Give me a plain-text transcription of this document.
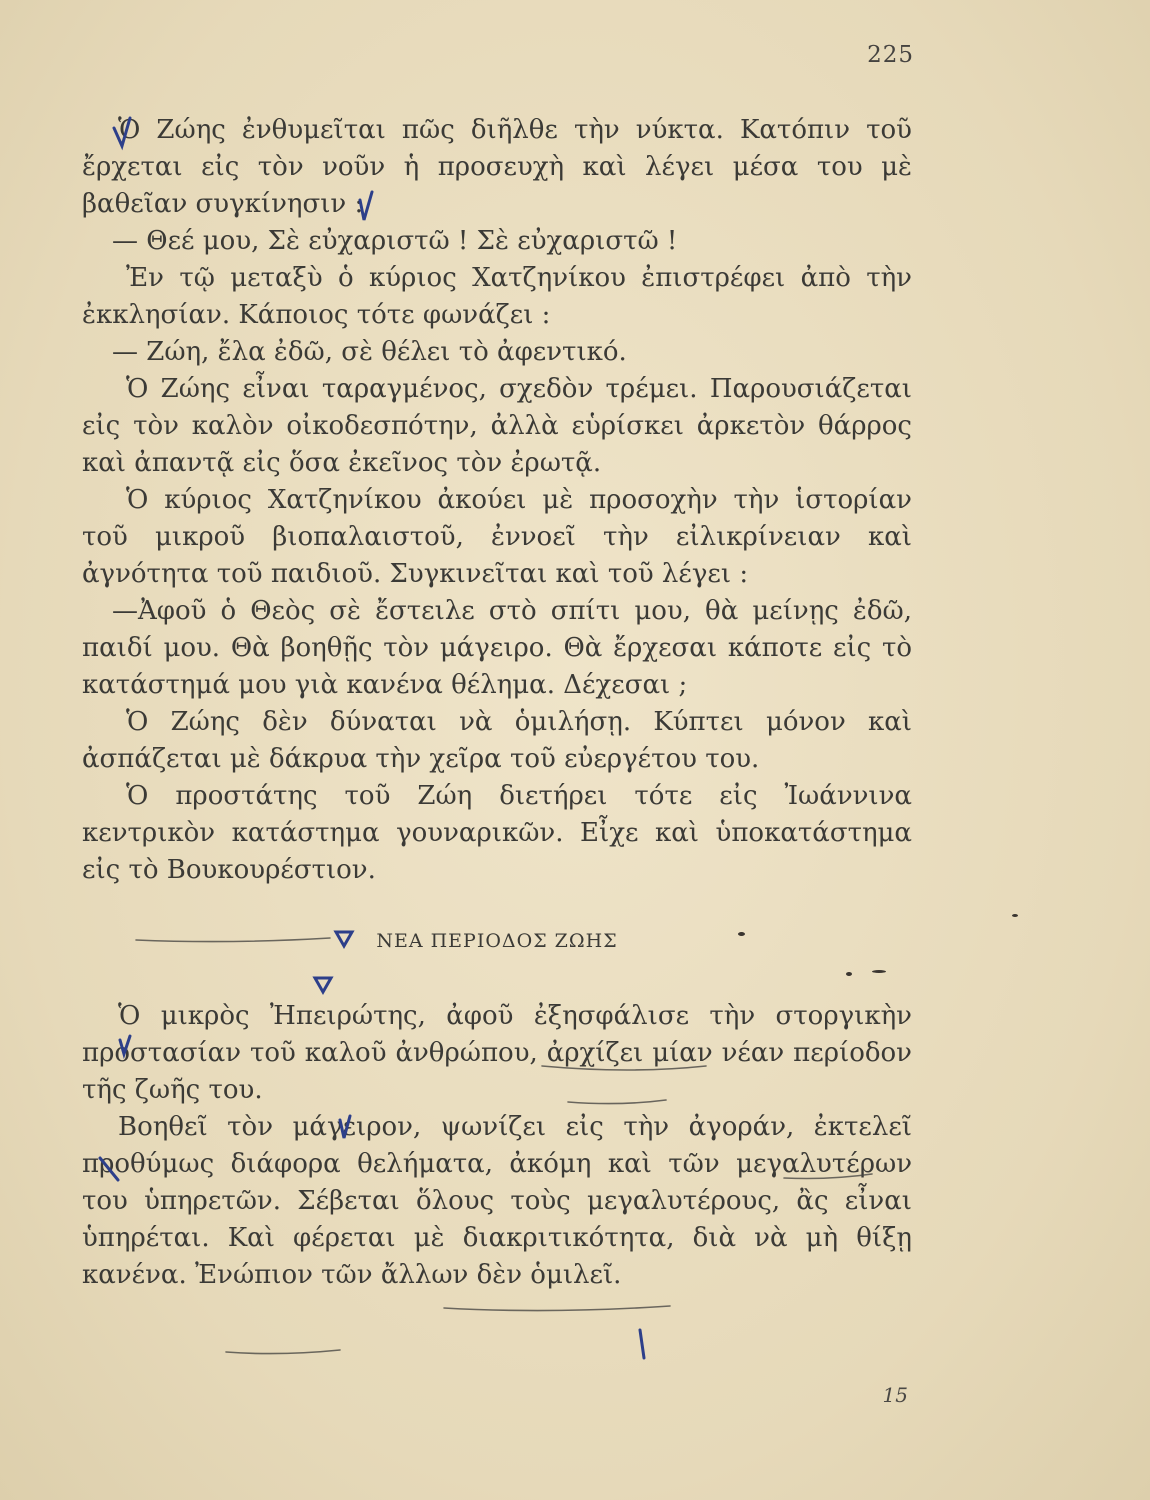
225

Ὁ Ζώης ἐνθυμεῖται πῶς διῆλθε τὴν νύκτα. Κατόπιν τοῦ ἔρχεται εἰς τὸν νοῦν ἡ προσευχὴ καὶ λέγει μέσα του μὲ βαθεῖαν συγκίνησιν :

— Θεέ μου, Σὲ εὐχαριστῶ ! Σὲ εὐχαριστῶ !

Ἐν τῷ μεταξὺ ὁ κύριος Χατζηνίκου ἐπιστρέφει ἀπὸ τὴν ἐκκλησίαν. Κάποιος τότε φωνάζει :

— Ζώη, ἔλα ἐδῶ, σὲ θέλει τὸ ἀφεντικό.

Ὁ Ζώης εἶναι ταραγμένος, σχεδὸν τρέμει. Παρουσιάζεται εἰς τὸν καλὸν οἰκοδεσπότην, ἀλλὰ εὑρίσκει ἀρκετὸν θάρρος καὶ ἀπαντᾷ εἰς ὅσα ἐκεῖνος τὸν ἐρωτᾷ.

Ὁ κύριος Χατζηνίκου ἀκούει μὲ προσοχὴν τὴν ἱστορίαν τοῦ μικροῦ βιοπαλαιστοῦ, ἐννοεῖ τὴν εἰλικρίνειαν καὶ ἀγνότητα τοῦ παιδιοῦ. Συγκινεῖται καὶ τοῦ λέγει :

—Ἀφοῦ ὁ Θεὸς σὲ ἔστειλε στὸ σπίτι μου, θὰ μείνῃς ἐδῶ, παιδί μου. Θὰ βοηθῇς τὸν μάγειρο. Θὰ ἔρχεσαι κάποτε εἰς τὸ κατάστημά μου γιὰ κανένα θέλημα. Δέχεσαι ;

Ὁ Ζώης δὲν δύναται νὰ ὁμιλήσῃ. Κύπτει μόνον καὶ ἀσπάζεται μὲ δάκρυα τὴν χεῖρα τοῦ εὐεργέτου του.

Ὁ προστάτης τοῦ Ζώη διετήρει τότε εἰς Ἰωάννινα κεντρικὸν κατάστημα γουναρικῶν. Εἶχε καὶ ὑποκατάστημα εἰς τὸ Βουκουρέστιον.

ΝΕΑ ΠΕΡΙΟΔΟΣ ΖΩΗΣ

Ὁ μικρὸς Ἠπειρώτης, ἀφοῦ ἐξησφάλισε τὴν στοργικὴν προστασίαν τοῦ καλοῦ ἀνθρώπου, ἀρχίζει μίαν νέαν περίοδον τῆς ζωῆς του.

Βοηθεῖ τὸν μάγειρον, ψωνίζει εἰς τὴν ἀγοράν, ἐκτελεῖ προθύμως διάφορα θελήματα, ἀκόμη καὶ τῶν μεγαλυτέρων του ὑπηρετῶν. Σέβεται ὅλους τοὺς μεγαλυτέρους, ἂς εἶναι ὑπηρέται. Καὶ φέρεται μὲ διακριτικότητα, διὰ νὰ μὴ θίξῃ κανένα. Ἐνώπιον τῶν ἄλλων δὲν ὁμιλεῖ.

15
